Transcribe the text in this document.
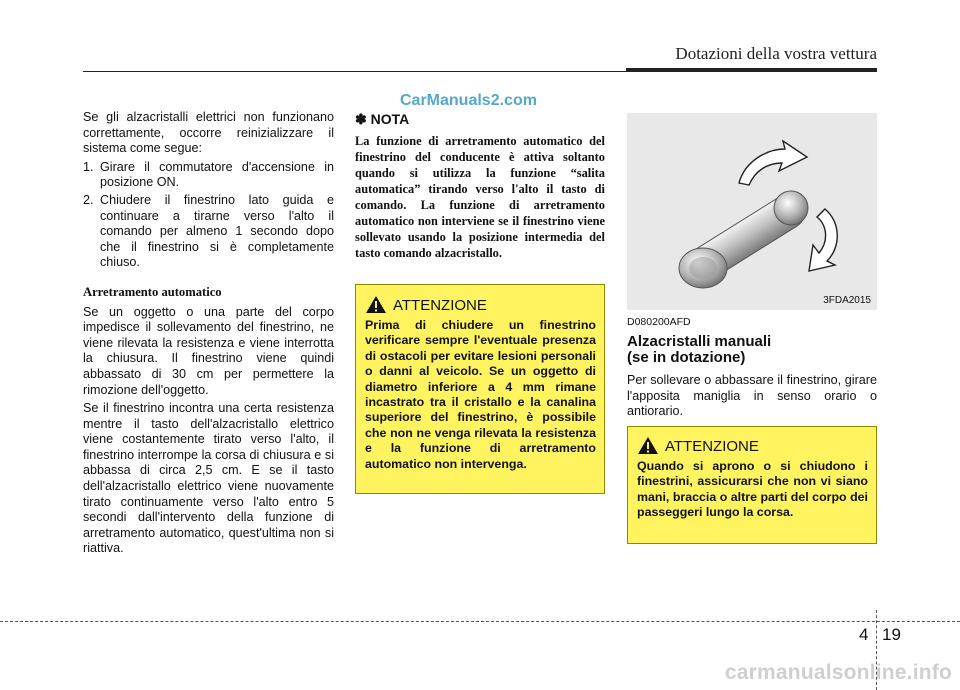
Dotazioni della vostra vettura
CarManuals2.com

Se gli alzacristalli elettrici non funzionano correttamente, occorre reinizializzare il sistema come segue:

1. Girare il commutatore d'accensione in posizione ON.
2. Chiudere il finestrino lato guida e continuare a tirarne verso l'alto il comando per almeno 1 secondo dopo che il finestrino si è completamente chiuso.
Arretramento automatico

Se un oggetto o una parte del corpo impedisce il sollevamento del finestrino, ne viene rilevata la resistenza e viene interrotta la chiusura. Il finestrino viene quindi abbassato di 30 cm per permettere la rimozione dell'oggetto.

Se il finestrino incontra una certa resistenza mentre il tasto dell'alzacristallo elettrico viene costantemente tirato verso l'alto, il finestrino interrompe la corsa di chiusura e si abbassa di circa 2,5 cm. E se il tasto dell'alzacristallo elettrico viene nuovamente tirato continuamente verso l'alto entro 5 secondi dall'intervento della funzione di arretramento automatico, quest'ultima non si riattiva.

✽ NOTA
La funzione di arretramento automatico del finestrino del conducente è attiva soltanto quando si utilizza la funzione “salita automatica” tirando verso l'alto il tasto di comando. La funzione di arretramento automatico non interviene se il finestrino viene sollevato usando la posizione intermedia del tasto comando alzacristallo.
ATTENZIONE
Prima di chiudere un finestrino verificare sempre l'eventuale presenza di ostacoli per evitare lesioni personali o danni al veicolo. Se un oggetto di diametro inferiore a 4 mm rimane incastrato tra il cristallo e la canalina superiore del finestrino, è possibile che non ne venga rilevata la resistenza e la funzione di arretramento automatico non intervenga.
3FDA2015
D080200AFD
Alzacristalli manuali
(se in dotazione)

Per sollevare o abbassare il finestrino, girare l'apposita maniglia in senso orario o antiorario.

ATTENZIONE
Quando si aprono o si chiudono i finestrini, assicurarsi che non vi siano mani, braccia o altre parti del corpo dei passeggeri lungo la corsa.
4 19
carmanualsonline.info
